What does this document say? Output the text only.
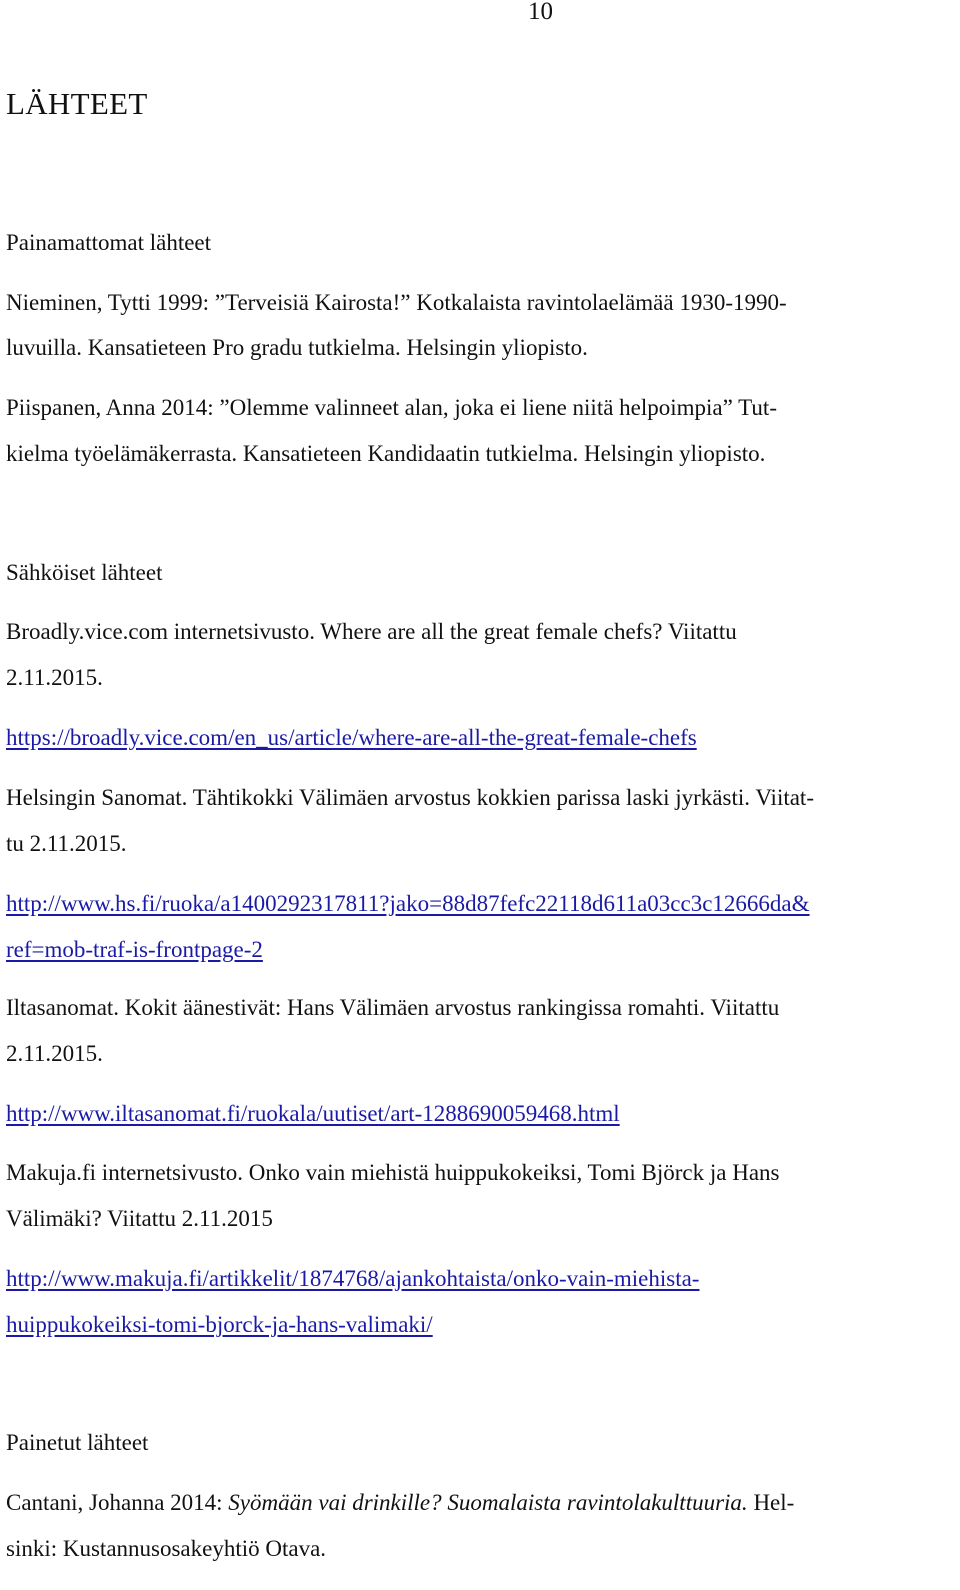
10
LÄHTEET
Painamattomat lähteet
Nieminen, Tytti 1999: ”Terveisiä Kairosta!” Kotkalaista ravintolaelämää 1930-1990-
luvuilla. Kansatieteen Pro gradu tutkielma. Helsingin yliopisto.
Piispanen, Anna 2014: ”Olemme valinneet alan, joka ei liene niitä helpoimpia” Tut-
kielma työelämäkerrasta. Kansatieteen Kandidaatin tutkielma. Helsingin yliopisto.
Sähköiset lähteet
Broadly.vice.com internetsivusto. Where are all the great female chefs? Viitattu
2.11.2015.
https://broadly.vice.com/en_us/article/where-are-all-the-great-female-chefs
Helsingin Sanomat. Tähtikokki Välimäen arvostus kokkien parissa laski jyrkästi. Viitat-
tu 2.11.2015.
http://www.hs.fi/ruoka/a1400292317811?jako=88d87fefc22118d611a03cc3c12666da&
ref=mob-traf-is-frontpage-2
Iltasanomat. Kokit äänestivät: Hans Välimäen arvostus rankingissa romahti. Viitattu
2.11.2015.
http://www.iltasanomat.fi/ruokala/uutiset/art-1288690059468.html
Makuja.fi internetsivusto. Onko vain miehistä huippukokeiksi, Tomi Björck ja Hans
Välimäki? Viitattu 2.11.2015
http://www.makuja.fi/artikkelit/1874768/ajankohtaista/onko-vain-miehista-
huippukokeiksi-tomi-bjorck-ja-hans-valimaki/
Painetut lähteet
Cantani, Johanna 2014: Syömään vai drinkille? Suomalaista ravintolakulttuuria. Hel-
sinki: Kustannusosakeyhtiö Otava.
